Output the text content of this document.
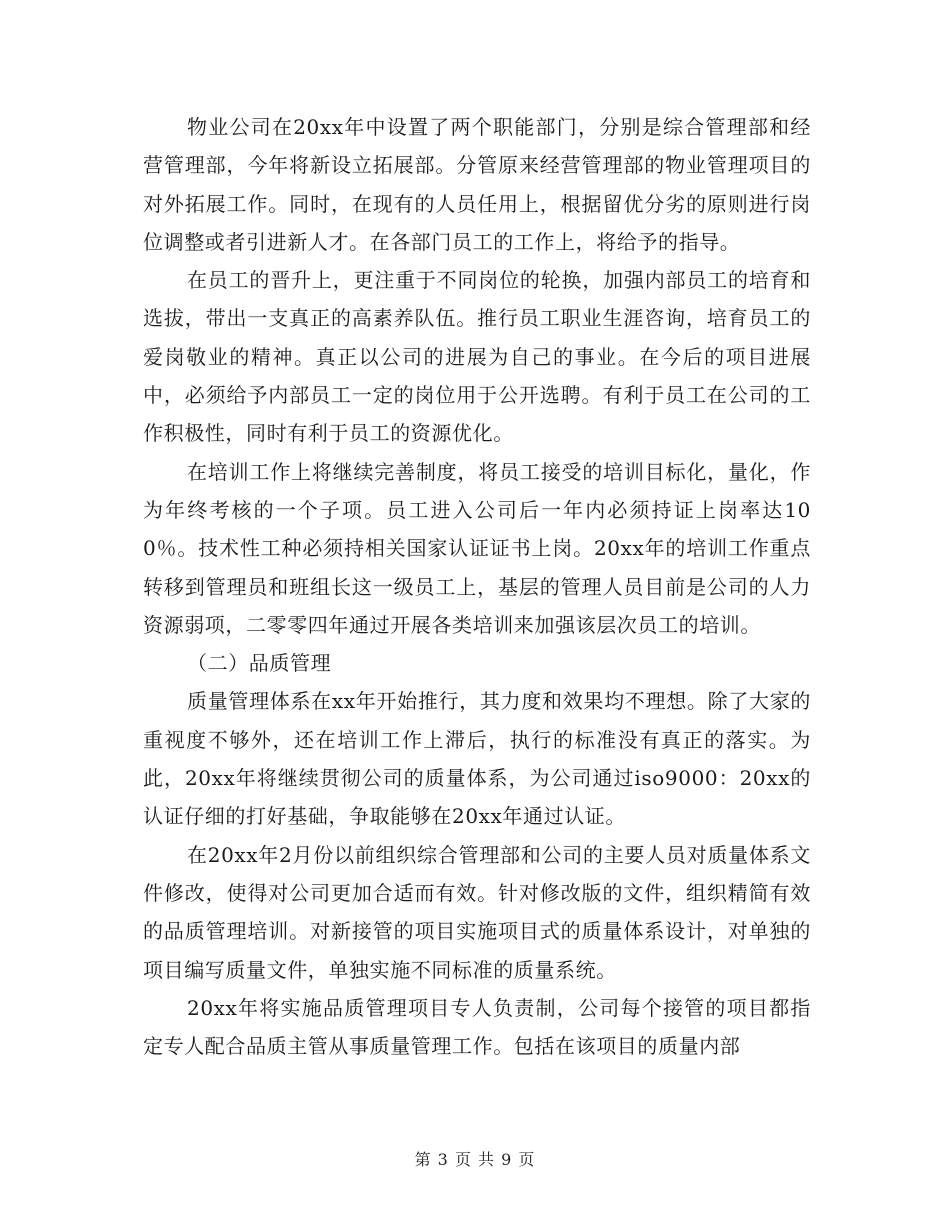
物业公司在20xx年中设置了两个职能部门，分别是综合管理部和经营管理部，今年将新设立拓展部。分管原来经营管理部的物业管理项目的对外拓展工作。同时，在现有的人员任用上，根据留优分劣的原则进行岗位调整或者引进新人才。在各部门员工的工作上，将给予的指导。

在员工的晋升上，更注重于不同岗位的轮换，加强内部员工的培育和选拔，带出一支真正的高素养队伍。推行员工职业生涯咨询，培育员工的爱岗敬业的精神。真正以公司的进展为自己的事业。在今后的项目进展中，必须给予内部员工一定的岗位用于公开选聘。有利于员工在公司的工作积极性，同时有利于员工的资源优化。

在培训工作上将继续完善制度，将员工接受的培训目标化，量化，作为年终考核的一个子项。员工进入公司后一年内必须持证上岗率达100％。技术性工种必须持相关国家认证证书上岗。20xx年的培训工作重点转移到管理员和班组长这一级员工上，基层的管理人员目前是公司的人力资源弱项，二零零四年通过开展各类培训来加强该层次员工的培训。

（二）品质管理

质量管理体系在xx年开始推行，其力度和效果均不理想。除了大家的重视度不够外，还在培训工作上滞后，执行的标准没有真正的落实。为此，20xx年将继续贯彻公司的质量体系，为公司通过iso9000：20xx的认证仔细的打好基础，争取能够在20xx年通过认证。

在20xx年2月份以前组织综合管理部和公司的主要人员对质量体系文件修改，使得对公司更加合适而有效。针对修改版的文件，组织精简有效的品质管理培训。对新接管的项目实施项目式的质量体系设计，对单独的项目编写质量文件，单独实施不同标准的质量系统。

20xx年将实施品质管理项目专人负责制，公司每个接管的项目都指定专人配合品质主管从事质量管理工作。包括在该项目的质量内部

第 3 页 共 9 页
